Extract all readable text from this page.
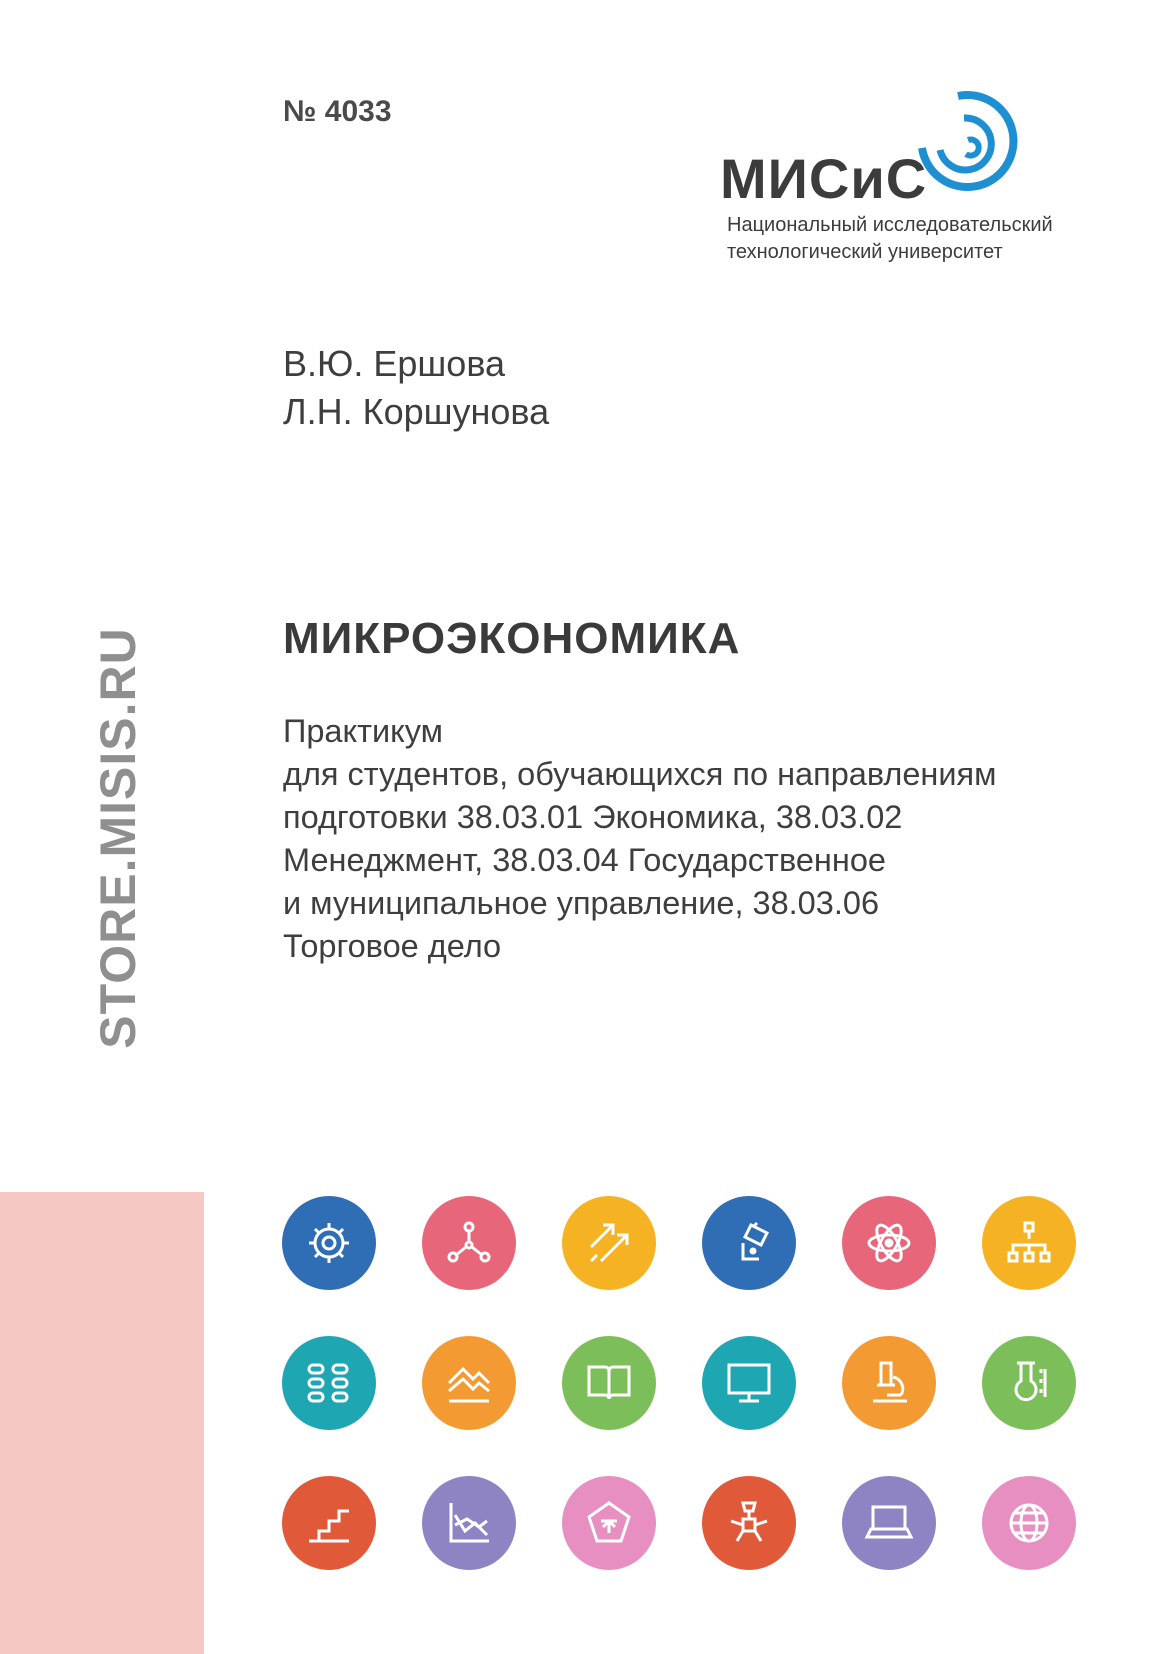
STORE.MISIS.RU
№ 4033
МИСиС
Национальный исследовательский
технологический университет
В.Ю. Ершова
Л.Н. Коршунова
МИКРОЭКОНОМИКА
Практикум
для студентов, обучающихся по направлениям
подготовки 38.03.01 Экономика, 38.03.02
Менеджмент, 38.03.04 Государственное
и муниципальное управление, 38.03.06
Торговое дело
